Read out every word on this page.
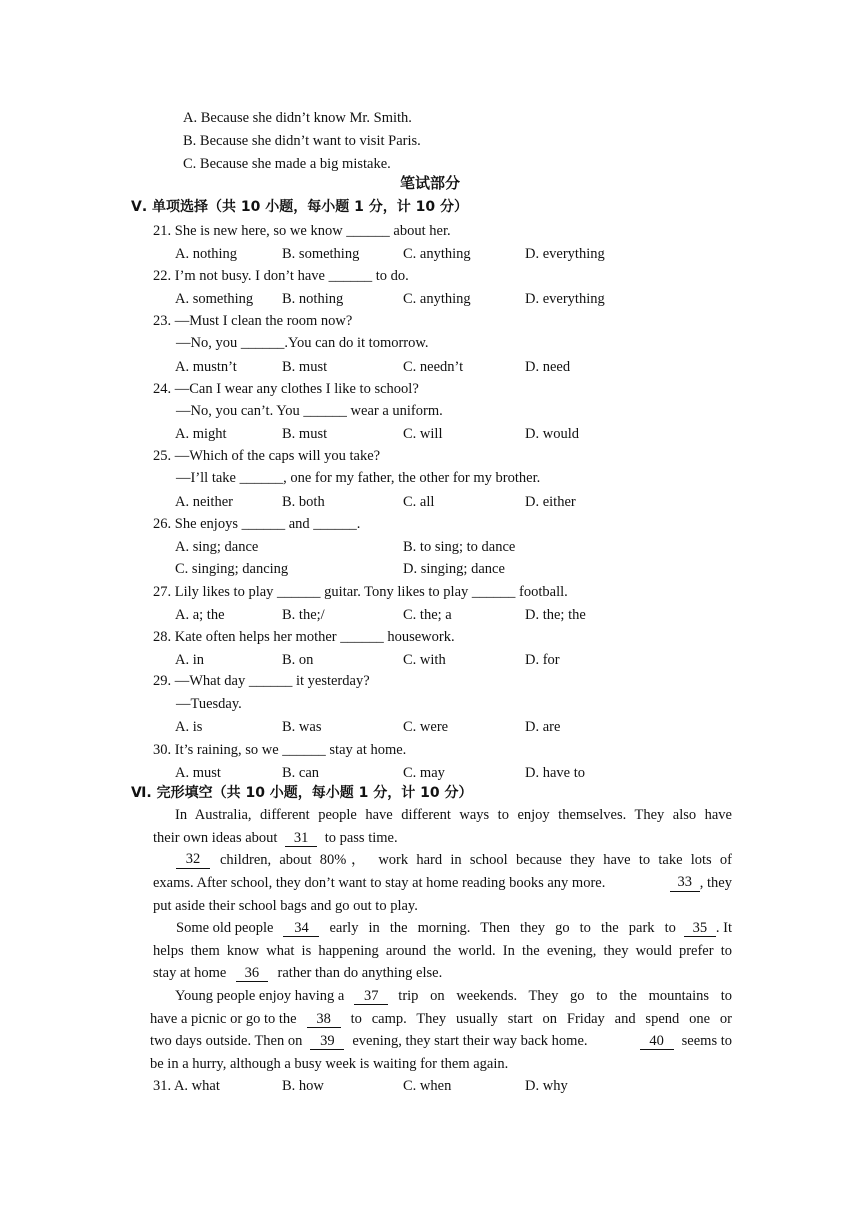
A. Because she didn’t know Mr. Smith.
B. Because she didn’t want to visit Paris.
C. Because she made a big mistake.
笔试部分
Ⅴ. 单项选择（共 10 小题，每小题 1 分，计 10 分）
21. She is new here, so we know ______ about her.
A. nothing	B. something	C. anything	D. everything
22. I’m not busy. I don’t have ______ to do.
A. something B. nothing	C. anything	D. everything
23. —Must I clean the room now?
—No, you ______.You can do it tomorrow.
A. mustn’t	B. must	C. needn’t	D. need
24. —Can I wear any clothes I like to school?
—No, you can’t. You ______ wear a uniform.
A. might	B. must	C. will	D. would
25. —Which of the caps will you take?
—I’ll take ______, one for my father, the other for my brother.
A. neither	B. both	C. all	D. either
26. She enjoys ______ and ______.
A. sing; dance	B. to sing; to dance
C. singing; dancing	D. singing; dance
27. Lily likes to play ______ guitar. Tony likes to play ______ football.
A. a; the	B. the;/	C. the; a	D. the; the
28. Kate often helps her mother ______ housework.
A. in	B. on	C. with	D. for
29. —What day ______ it yesterday?
—Tuesday.
A. is	B. was	C. were	D. are
30. It’s raining, so we ______ stay at home.
A. must	B. can	C. may	D. have to
Ⅵ. 完形填空（共 10 小题，每小题 1 分，计 10 分）
In Australia, different people have different ways to enjoy themselves. They also have
their own ideas about 31 to pass time.
32	children, about 80%， work hard in school because they have to take lots of
exams. After school, they don’t want to stay at home reading books any more.	33 , they
put aside their school bags and go out to play.
Some old people	34	early in the morning. Then they go to the park to	35 . It
helps them know what is happening around the world. In the evening, they would prefer to
stay at home 36 rather than do anything else.
Young people enjoy having a	37	trip on weekends. They go to the mountains to
have a picnic or go to the	38	to camp. They usually start on Friday and spend one or
two days outside. Then on	39	evening, they start their way back home.	40	seems to
be in a hurry, although a busy week is waiting for them again.
31. A. what	B. how	C. when	D. why
